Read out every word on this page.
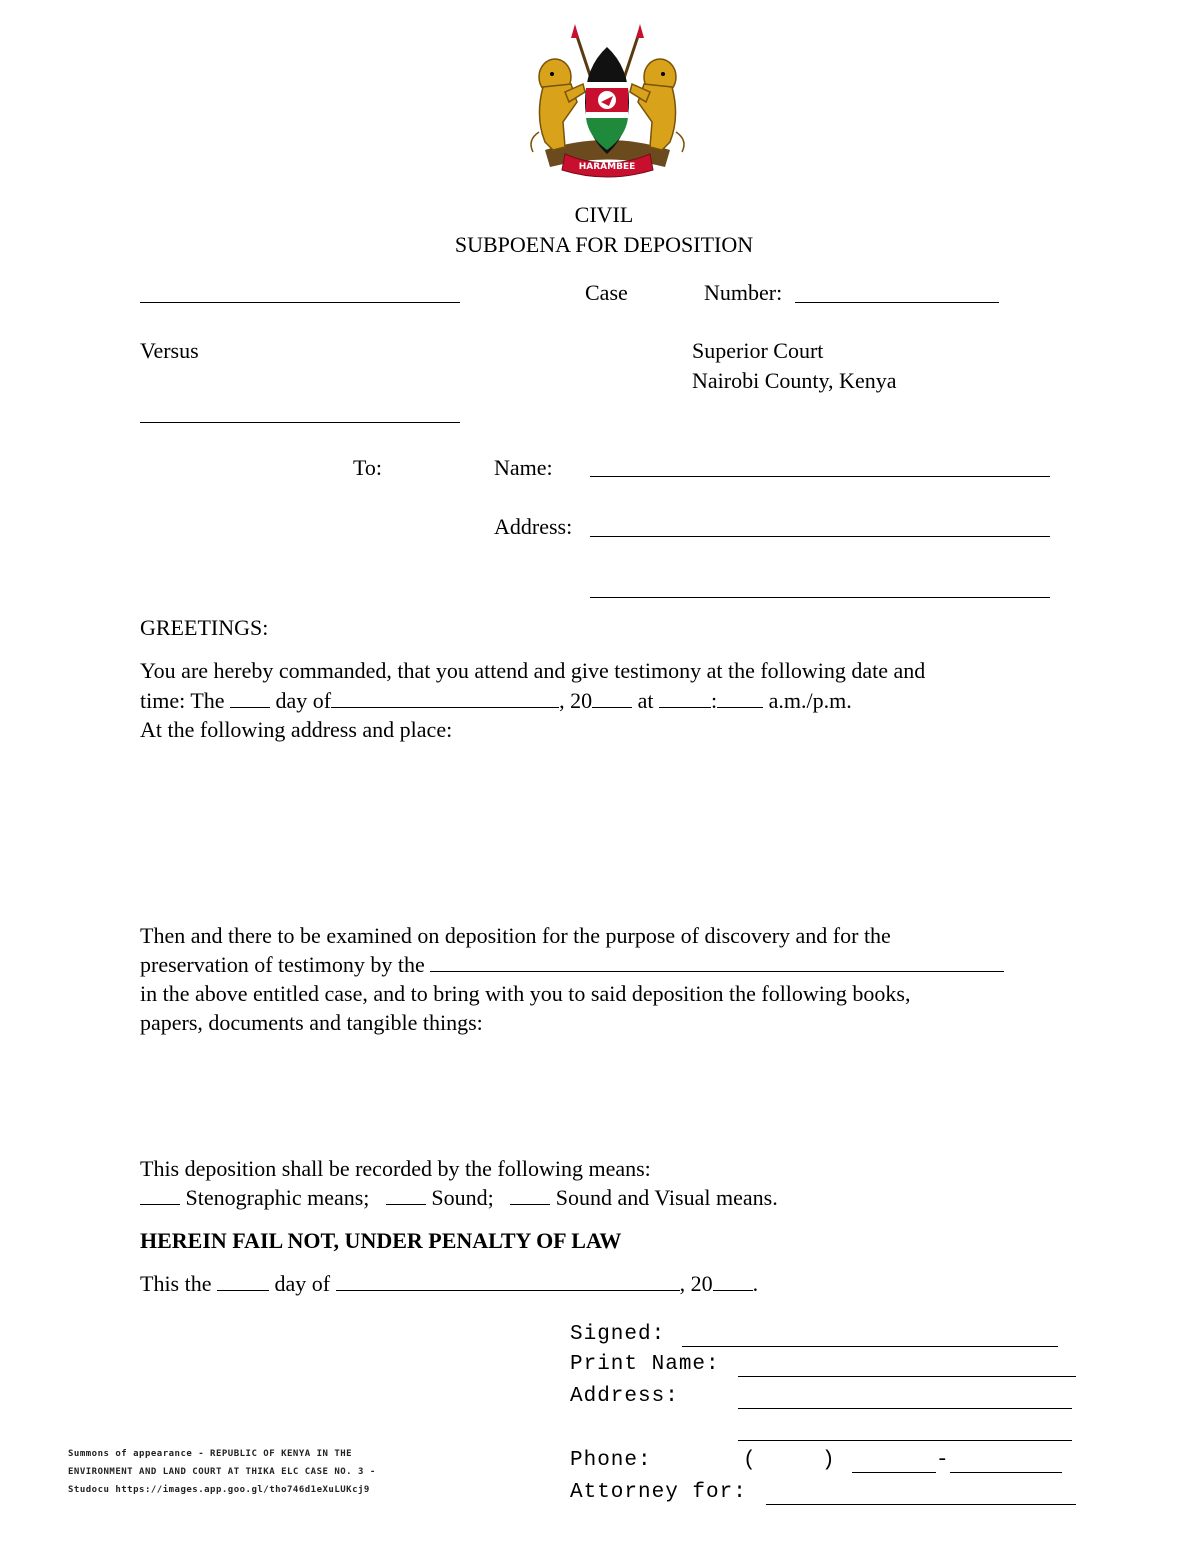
HARAMBEE
CIVIL
SUBPOENA FOR DEPOSITION
Case	Number:
Versus	Superior Court
Nairobi County, Kenya
To:	Name:
Address:
GREETINGS:
You are hereby commanded, that you attend and give testimony at the following date and
time: The day of	, 20 at	: a.m./p.m.
At the following address and place:
Then and there to be examined on deposition for the purpose of discovery and for the
preservation of testimony by the
in the above entitled case, and to bring with you to said deposition the following books,
papers, documents and tangible things:
This deposition shall be recorded by the following means:
Stenographic means;	Sound;	Sound and Visual means.
HEREIN FAIL NOT, UNDER PENALTY OF LAW
This the	day of	, 20 .
Signed:
Print Name:
Address:
Phone:	(	)	-
Attorney for:
Summons of appearance - REPUBLIC OF KENYA IN THE
ENVIRONMENT AND LAND COURT AT THIKA ELC CASE NO. 3 -
Studocu https://images.app.goo.gl/tho746d1eXuLUKcj9
